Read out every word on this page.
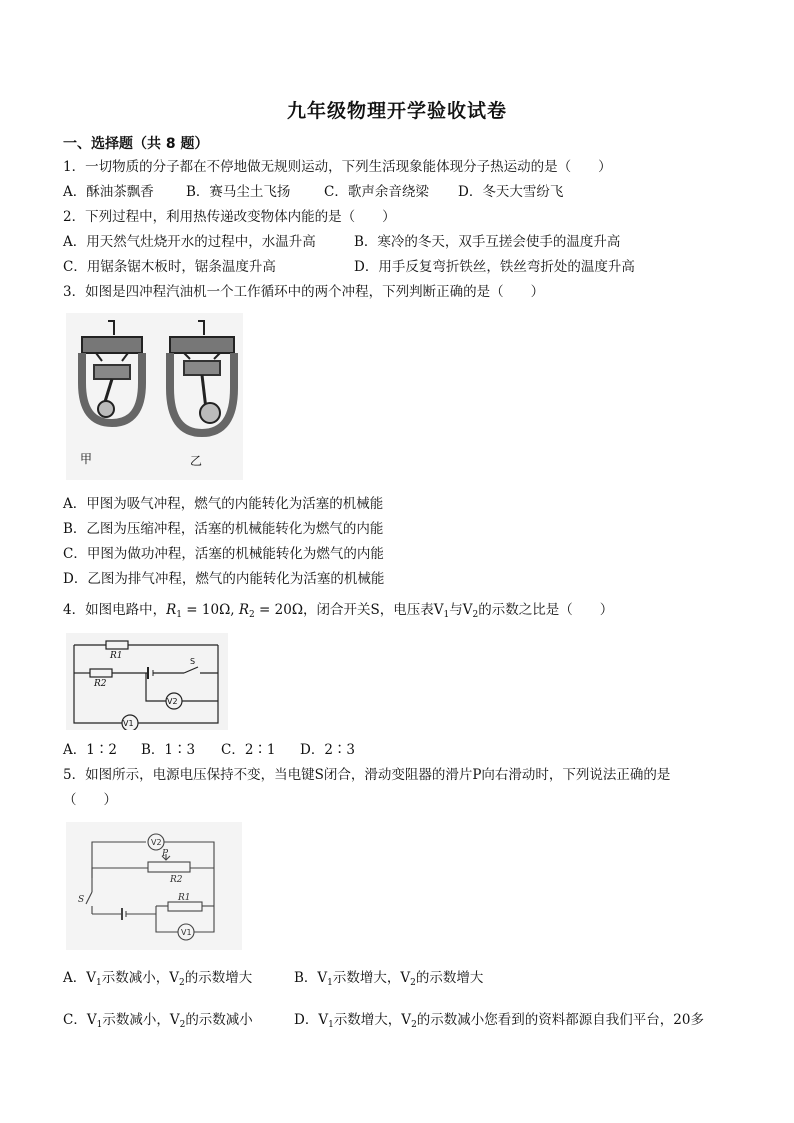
九年级物理开学验收试卷
一、选择题（共 8 题）
1．一切物质的分子都在不停地做无规则运动，下列生活现象能体现分子热运动的是（　　）
A．酥油茶飘香 B．赛马尘土飞扬 C．歌声余音绕梁 D．冬天大雪纷飞
2．下列过程中，利用热传递改变物体内能的是（　　）
A．用天然气灶烧开水的过程中，水温升高	B．寒冷的冬天，双手互搓会使手的温度升高
C．用锯条锯木板时，锯条温度升高	D．用手反复弯折铁丝，铁丝弯折处的温度升高
3．如图是四冲程汽油机一个工作循环中的两个冲程，下列判断正确的是（　　）
甲	乙
A．甲图为吸气冲程，燃气的内能转化为活塞的机械能
B．乙图为压缩冲程，活塞的机械能转化为燃气的内能
C．甲图为做功冲程，活塞的机械能转化为燃气的内能
D．乙图为排气冲程，燃气的内能转化为活塞的机械能
4．如图电路中，$R_1 = 10\Omega$, $R_2 = 20\Omega$，闭合开关S，电压表$V_1$与$V_2$的示数之比是（　　）
R1
R2
S
V2
V1
A．1∶2 B．1∶3 C．2∶1 D．2∶3
5．如图所示，电源电压保持不变，当电键S闭合，滑动变阻器的滑片P向右滑动时，下列说法正确的是
（　　）
V2
V1
P
R2
S	R1
A．$V_1$示数减小，$V_2$的示数增大	B．$V_1$示数增大，$V_2$的示数增大
C．$V_1$示数减小，$V_2$的示数减小	D．$V_1$示数增大，$V_2$的示数减小您看到的资料都源自我们平台，20多
